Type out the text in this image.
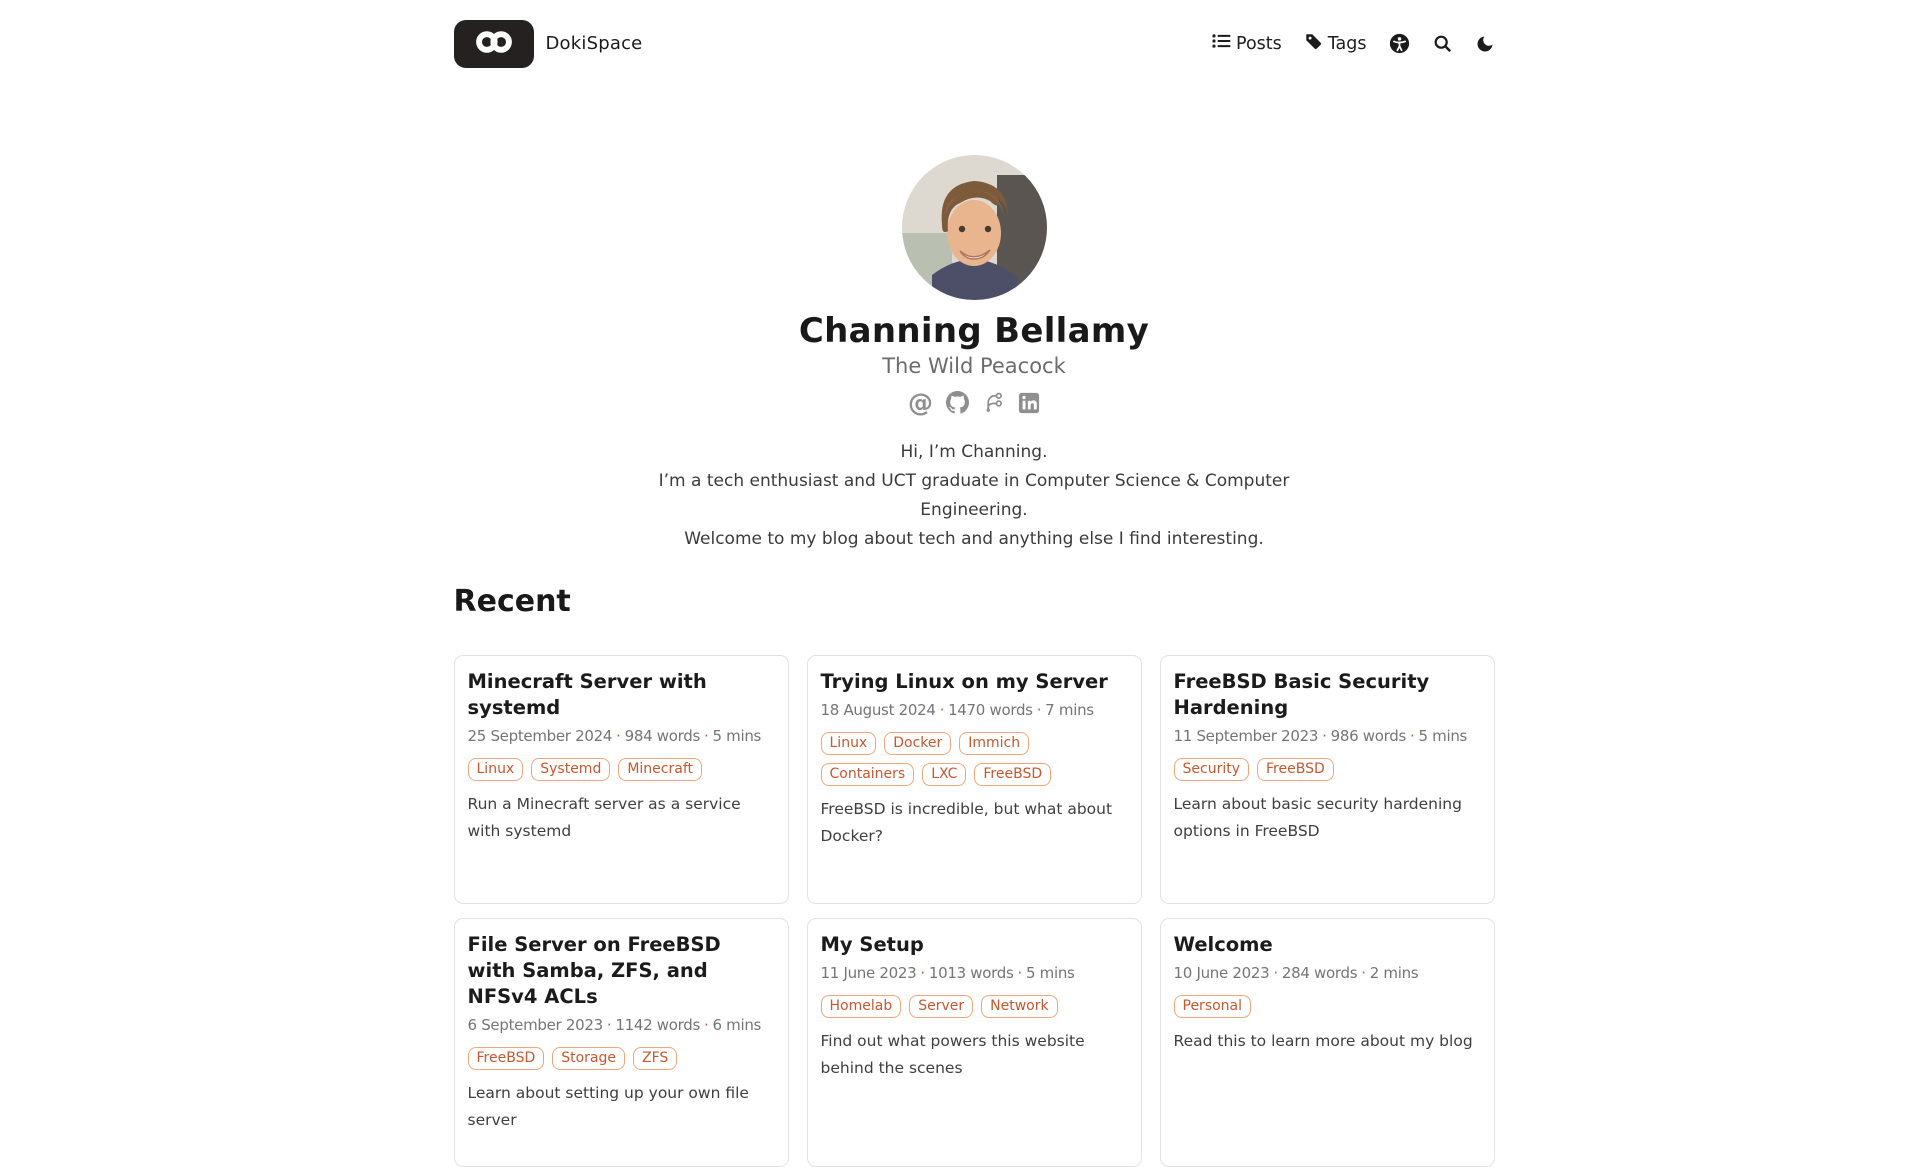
DokiSpace	Posts	Tags
Channing Bellamy
The Wild Peacock
@
Hi, I’m Channing.
I’m a tech enthusiast and UCT graduate in Computer Science & Computer
Engineering.
Welcome to my blog about tech and anything else I find interesting.
Recent
Minecraft Server with systemd
25 September 2024 · 984 words · 5 mins
Linux	Systemd	Minecraft

Run a Minecraft server as a service with systemd

Trying Linux on my Server
18 August 2024 · 1470 words · 7 mins
Linux	Docker	Immich
Containers	LXC	FreeBSD

FreeBSD is incredible, but what about Docker?

FreeBSD Basic Security Hardening
11 September 2023 · 986 words · 5 mins
Security	FreeBSD

Learn about basic security hardening options in FreeBSD

File Server on FreeBSD with Samba, ZFS, and NFSv4 ACLs
6 September 2023 · 1142 words · 6 mins
FreeBSD	Storage	ZFS

Learn about setting up your own file server

My Setup
11 June 2023 · 1013 words · 5 mins
Homelab	Server	Network

Find out what powers this website behind the scenes

Welcome
10 June 2023 · 284 words · 2 mins
Personal

Read this to learn more about my blog
